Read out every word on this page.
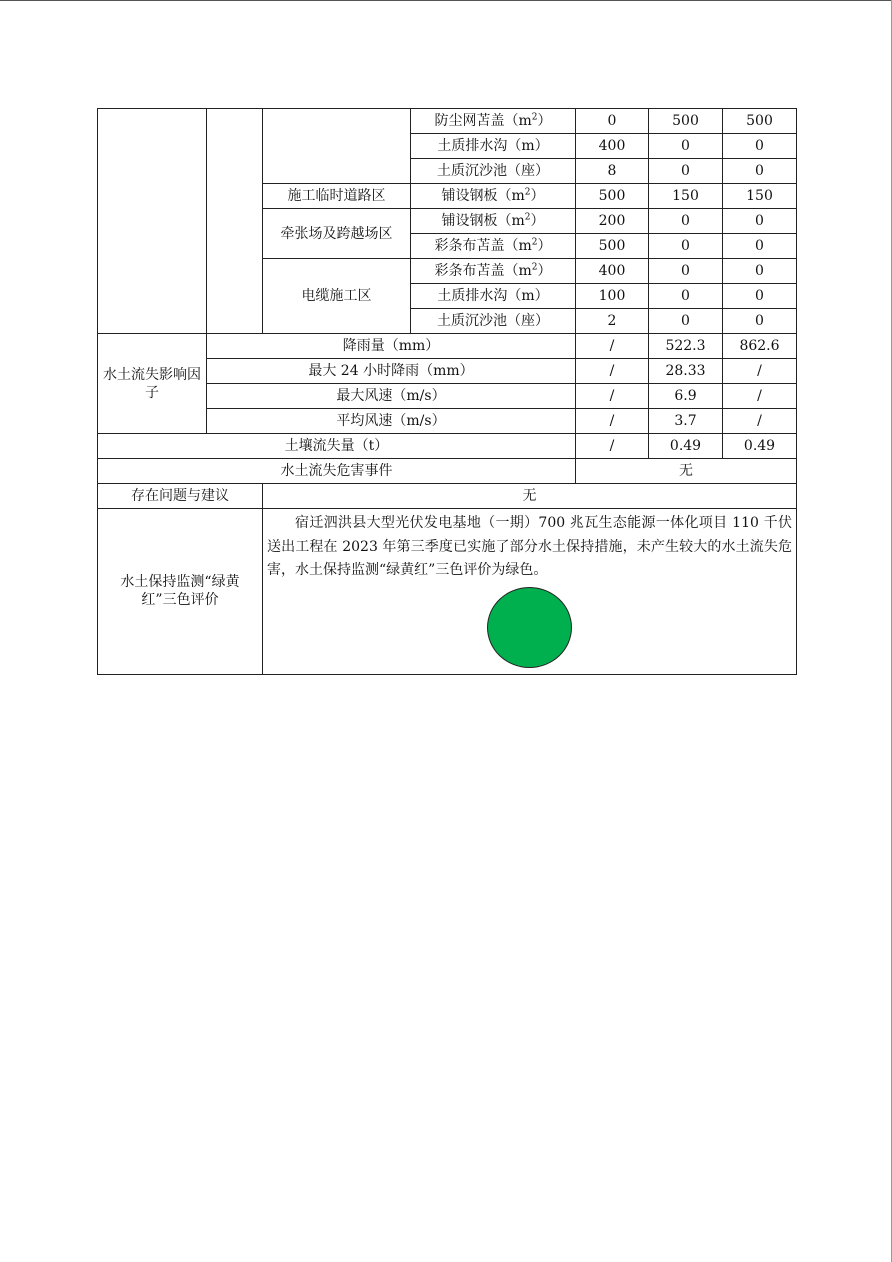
			防尘网苫盖$(m^2)$	0	500	500
			土质排水沟（m）	400	0	0
			土质沉沙池（座）	8	0	0
		施工临时道路区	铺设钢板$(m^2)$	500	150	150
		牵张场及跨越场区	铺设钢板$(m^2)$	200	0	0
			彩条布苫盖$(m^2)$	500	0	0
		电缆施工区	彩条布苫盖$(m^2)$	400	0	0
			土质排水沟（m）	100	0	0
			土质沉沙池（座）	2	0	0
水土流失影响因子	降雨量（mm）			/	522.3	862.6
	最大 24 小时降雨（mm）			/	28.33	/
	最大风速（m/s）			/	6.9	/
	平均风速（m/s）			/	3.7	/
土壤流失量（t）				/	0.49	0.49
水土流失危害事件				无		
存在问题与建议		无				
水土保持监测“绿黄红”三色评价		宿迁泗洪县大型光伏发电基地（一期）700 兆瓦生态能源一体化项目 110 千伏送出工程在 2023 年第三季度已实施了部分水土保持措施，未产生较大的水土流失危害，水土保持监测“绿黄红”三色评价为绿色。				
